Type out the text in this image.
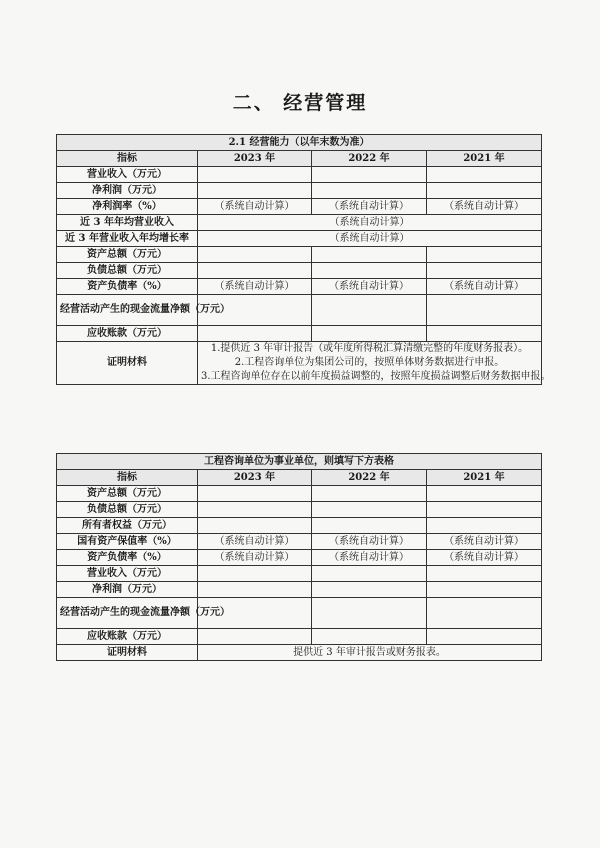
二、 经营管理
2.1 经营能力（以年末数为准）			
指标	2023 年	2022 年	2021 年
营业收入（万元）			
净利润（万元）			
净利润率（%）	（系统自动计算）	（系统自动计算）	（系统自动计算）
近 3 年年均营业收入	（系统自动计算）		
近 3 年营业收入年均增长率	（系统自动计算）		
资产总额（万元）			
负债总额（万元）			
资产负债率（%）	（系统自动计算）	（系统自动计算）	（系统自动计算）
经营活动产生的现金流量净额（万元）			
应收账款（万元）			
证明材料	1.提供近 3 年审计报告（或年度所得税汇算清缴完整的年度财务报表）。
2.工程咨询单位为集团公司的，按照单体财务数据进行申报。
3.工程咨询单位存在以前年度损益调整的，按照年度损益调整后财务数据申报。		
工程咨询单位为事业单位，则填写下方表格			
指标	2023 年	2022 年	2021 年
资产总额（万元）			
负债总额（万元）			
所有者权益（万元）			
国有资产保值率（%）	（系统自动计算）	（系统自动计算）	（系统自动计算）
资产负债率（%）	（系统自动计算）	（系统自动计算）	（系统自动计算）
营业收入（万元）			
净利润（万元）			
经营活动产生的现金流量净额（万元）			
应收账款（万元）			
证明材料	提供近 3 年审计报告或财务报表。		
